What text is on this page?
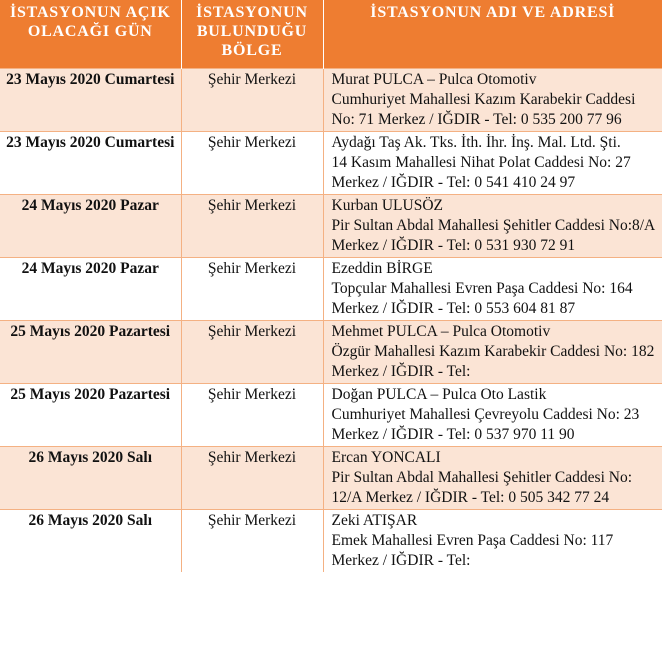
İSTASYONUN AÇIK OLACAĞI GÜN	İSTASYONUN BULUNDUĞU BÖLGE	İSTASYONUN ADI VE ADRESİ
23 Mayıs 2020 Cumartesi	Şehir Merkezi	Murat PULCA – Pulca Otomotiv
Cumhuriyet Mahallesi Kazım Karabekir Caddesi No: 71 Merkez / IĞDIR - Tel: 0 535 200 77 96

23 Mayıs 2020 Cumartesi	Şehir Merkezi	Aydağı Taş Ak. Tks. İth. İhr. İnş. Mal. Ltd. Şti.
14 Kasım Mahallesi Nihat Polat Caddesi No: 27 Merkez / IĞDIR - Tel: 0 541 410 24 97

24 Mayıs 2020 Pazar	Şehir Merkezi	Kurban ULUSÖZ
Pir Sultan Abdal Mahallesi Şehitler Caddesi No:8/A Merkez / IĞDIR - Tel: 0 531 930 72 91

24 Mayıs 2020 Pazar	Şehir Merkezi	Ezeddin BİRGE
Topçular Mahallesi Evren Paşa Caddesi No: 164 Merkez / IĞDIR - Tel: 0 553 604 81 87

25 Mayıs 2020 Pazartesi	Şehir Merkezi	Mehmet PULCA – Pulca Otomotiv
Özgür Mahallesi Kazım Karabekir Caddesi No: 182 Merkez / IĞDIR - Tel:

25 Mayıs 2020 Pazartesi	Şehir Merkezi	Doğan PULCA – Pulca Oto Lastik
Cumhuriyet Mahallesi Çevreyolu Caddesi No: 23 Merkez / IĞDIR - Tel: 0 537 970 11 90

26 Mayıs 2020 Salı	Şehir Merkezi	Ercan YONCALI
Pir Sultan Abdal Mahallesi Şehitler Caddesi No: 12/A Merkez / IĞDIR - Tel: 0 505 342 77 24

26 Mayıs 2020 Salı	Şehir Merkezi	Zeki ATIŞAR
Emek Mahallesi Evren Paşa Caddesi No: 117 Merkez / IĞDIR - Tel:
